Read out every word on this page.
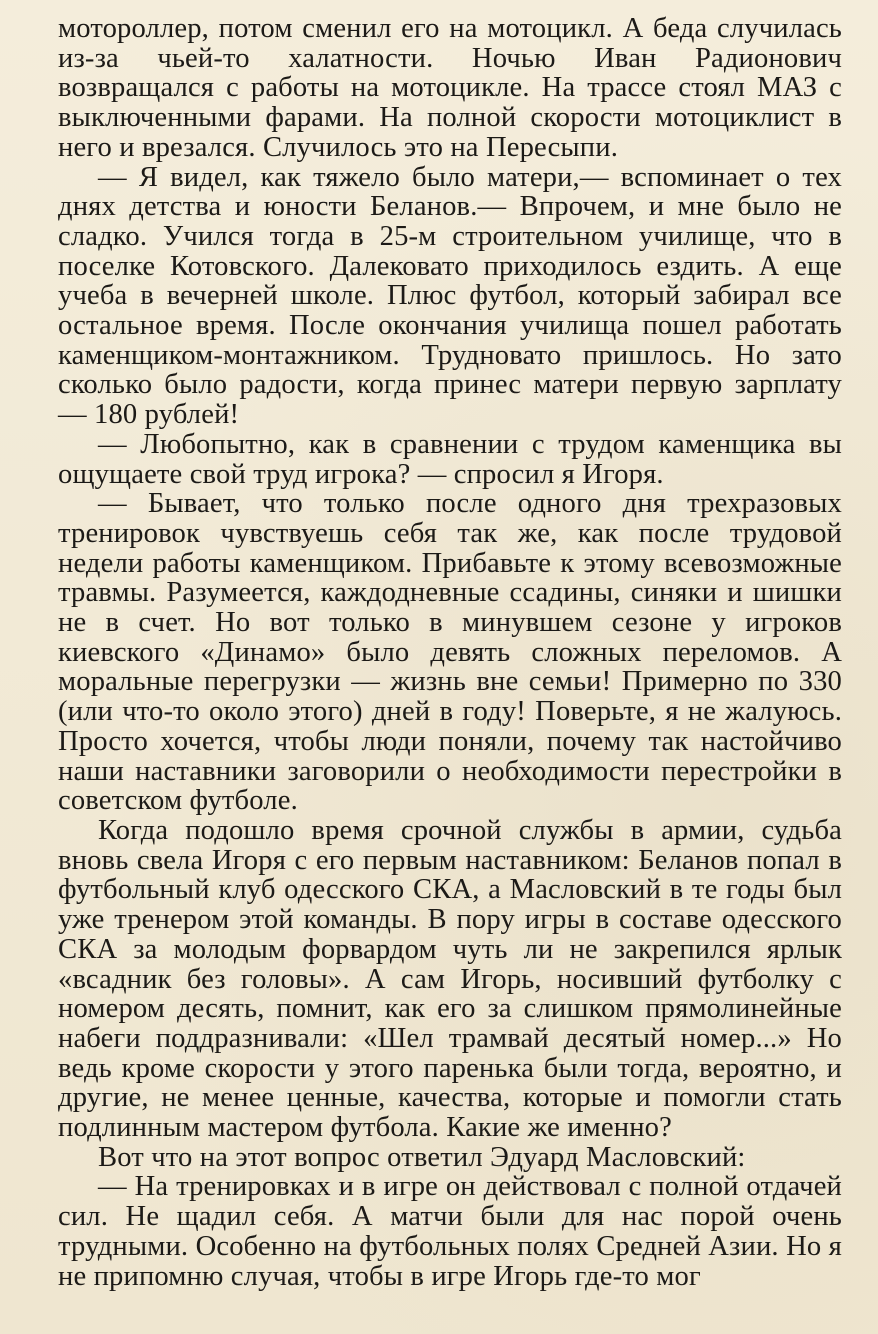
мотороллер, потом сменил его на мотоцикл. А беда случилась из-за чьей-то халатности. Ночью Иван Радионович возвращался с работы на мотоцикле. На трассе стоял МАЗ с выключенными фарами. На полной скорости мотоциклист в него и врезался. Случилось это на Пересыпи.

— Я видел, как тяжело было матери,— вспоминает о тех днях детства и юности Беланов.— Впрочем, и мне было не сладко. Учился тогда в 25-м строительном училище, что в поселке Котовского. Далековато приходилось ездить. А еще учеба в вечерней школе. Плюс футбол, который забирал все остальное время. После окончания училища пошел работать каменщиком-монтажником. Трудновато пришлось. Но зато сколько было радости, когда принес матери первую зарплату — 180 рублей!

— Любопытно, как в сравнении с трудом каменщика вы ощущаете свой труд игрока? — спросил я Игоря.

— Бывает, что только после одного дня трехразовых тренировок чувствуешь себя так же, как после трудовой недели работы каменщиком. Прибавьте к этому всевозможные травмы. Разумеется, каждодневные ссадины, синяки и шишки не в счет. Но вот только в минувшем сезоне у игроков киевского «Динамо» было девять сложных переломов. А моральные перегрузки — жизнь вне семьи! Примерно по 330 (или что-то около этого) дней в году! Поверьте, я не жалуюсь. Просто хочется, чтобы люди поняли, почему так настойчиво наши наставники заговорили о необходимости перестройки в советском футболе.

Когда подошло время срочной службы в армии, судьба вновь свела Игоря с его первым наставником: Беланов попал в футбольный клуб одесского СКА, а Масловский в те годы был уже тренером этой команды. В пору игры в составе одесского СКА за молодым форвардом чуть ли не закрепился ярлык «всадник без головы». А сам Игорь, носивший футболку с номером десять, помнит, как его за слишком прямолинейные набеги поддразнивали: «Шел трамвай десятый номер...» Но ведь кроме скорости у этого паренька были тогда, вероятно, и другие, не менее ценные, качества, которые и помогли стать подлинным мастером футбола. Какие же именно?

Вот что на этот вопрос ответил Эдуард Масловский:

— На тренировках и в игре он действовал с полной отдачей сил. Не щадил себя. А матчи были для нас порой очень трудными. Особенно на футбольных полях Средней Азии. Но я не припомню случая, чтобы в игре Игорь где-то мог
